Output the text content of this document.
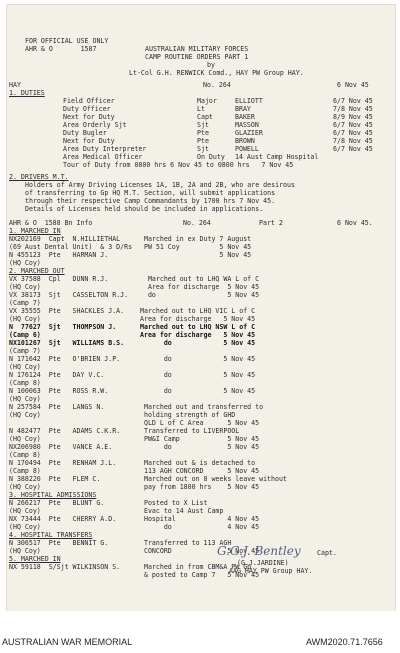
FOR OFFICIAL USE ONLY
AHR & O       1587	AUSTRALIAN MILITARY FORCES
CAMP ROUTINE ORDERS PART 1
by
Lt-Col G.H. RENWICK Comd., HAY PW Group HAY.
HAY	No. 264	6 Nov 45
1. DUTIES
Field Officer	Major	ELLIOTT	6/7 Nov 45
Duty Officer	Lt	BRAY	7/8 Nov 45
Next for Duty	Capt	BAKER	8/9 Nov 45
Area Orderly Sjt	Sjt	MASSON	6/7 Nov 45
Duty Bugler	Pte	GLAZIER	6/7 Nov 45
Next for Duty	Pte	BROWN	7/8 Nov 45
Area Duty Interpreter	Sjt	POWELL	6/7 Nov 45
Area Medical Officer	On Duty 14 Aust Camp Hospital
Tour of Duty from 0800 hrs 6 Nov 45 to 0800 hrs   7 Nov 45
2. DRIVERS M.T.
Holders of Army Driving Licenses 1A, 1B, 2A and 2B, who are desirous
of transferring to Gp HQ M.T. Section, will submit applications
through their respective Camp Commandants by 1700 hrs 7 Nov 45.
Details of Licenses held should be included in applications.
AHR & O  1588 Bn Info	No. 264	Part 2	6 Nov 45.
1. MARCHED IN
NX202169  Capt  N.HILLIETHAL      Marched in ex Duty 7 August
(69 Aust Dental Unit)  & 3 D/Rs   PW 51 Coy          5 Nov 45
N 455123  Pte   HARMAN J.                            5 Nov 45
(HQ Coy)
2. MARCHED OUT
VX 37588  Cpl   DUNN R.J.          Marched out to LHQ WA L of C
(HQ Coy)                           Area for discharge  5 Nov 45
VX 38173  Sjt   CASSELTON R.J.     do                  5 Nov 45
(Camp 7)
VX 35555  Pte   SHACKLES J.A.    Marched out to LHQ VIC L of C
(HQ Coy)                         Area for discharge   5 Nov 45
N  77627  Sjt   THOMPSON J.      Marched out to LHQ NSW L of C
(Camp 6)                         Area for discharge   5 Nov 45
NX101267  Sjt   WILLIAMS B.S.          do             5 Nov 45
(Camp 7)
N 171642  Pte   O'BRIEN J.P.           do             5 Nov 45
(HQ Coy)
N 176124  Pte   DAY V.C.               do             5 Nov 45
(Camp 8)
N 100063  Pte   ROSS R.W.              do             5 Nov 45
(HQ Coy)
N 257584  Pte   LANGS N.          Marched out and transferred to
(HQ Coy)                          holding strength of GHD
QLD L of C Area      5 Nov 45
N 482477  Pte   ADAMS C.K.R.      Transferred to LIVERPOOL
(HQ Coy)                          PW&I Camp            5 Nov 45
NX206980  Pte   VANCE A.E.             do              5 Nov 45
(Camp 8)
N 170494  Pte   RENHAM J.L.       Marched out & is detached to
(Camp 8)                          113 AGH CONCORD      5 Nov 45
N 388220  Pte   FLEM C.           Marched out on 8 weeks leave without
(HQ Coy)                          pay from 1800 hrs    5 Nov 45
3. HOSPITAL ADMISSIONS
N 266217  Pte   BLUNT G.          Posted to X List
(HQ Coy)                          Evac to 14 Aust Camp
NX 73444  Pte   CHERRY A.D.       Hospital             4 Nov 45
(HQ Coy)                               do              4 Nov 45
4. HOSPITAL TRANSFERS
N 306517  Pte   BENNIT G.         Transferred to 113 AGH
(HQ Coy)                          CONCORD              5 Nov 45
5. MARCHED IN
NX 59118  S/Sjt WILKINSON S.      Marched in from CBM&A PW Gp
& posted to Camp 7   5 Nov 45
G.G.J. Bentley Capt.
(G.J.JARDINE)
AAG HAY PW Group HAY.
AUSTRALIAN WAR MEMORIAL	AWM2020.71.7656
